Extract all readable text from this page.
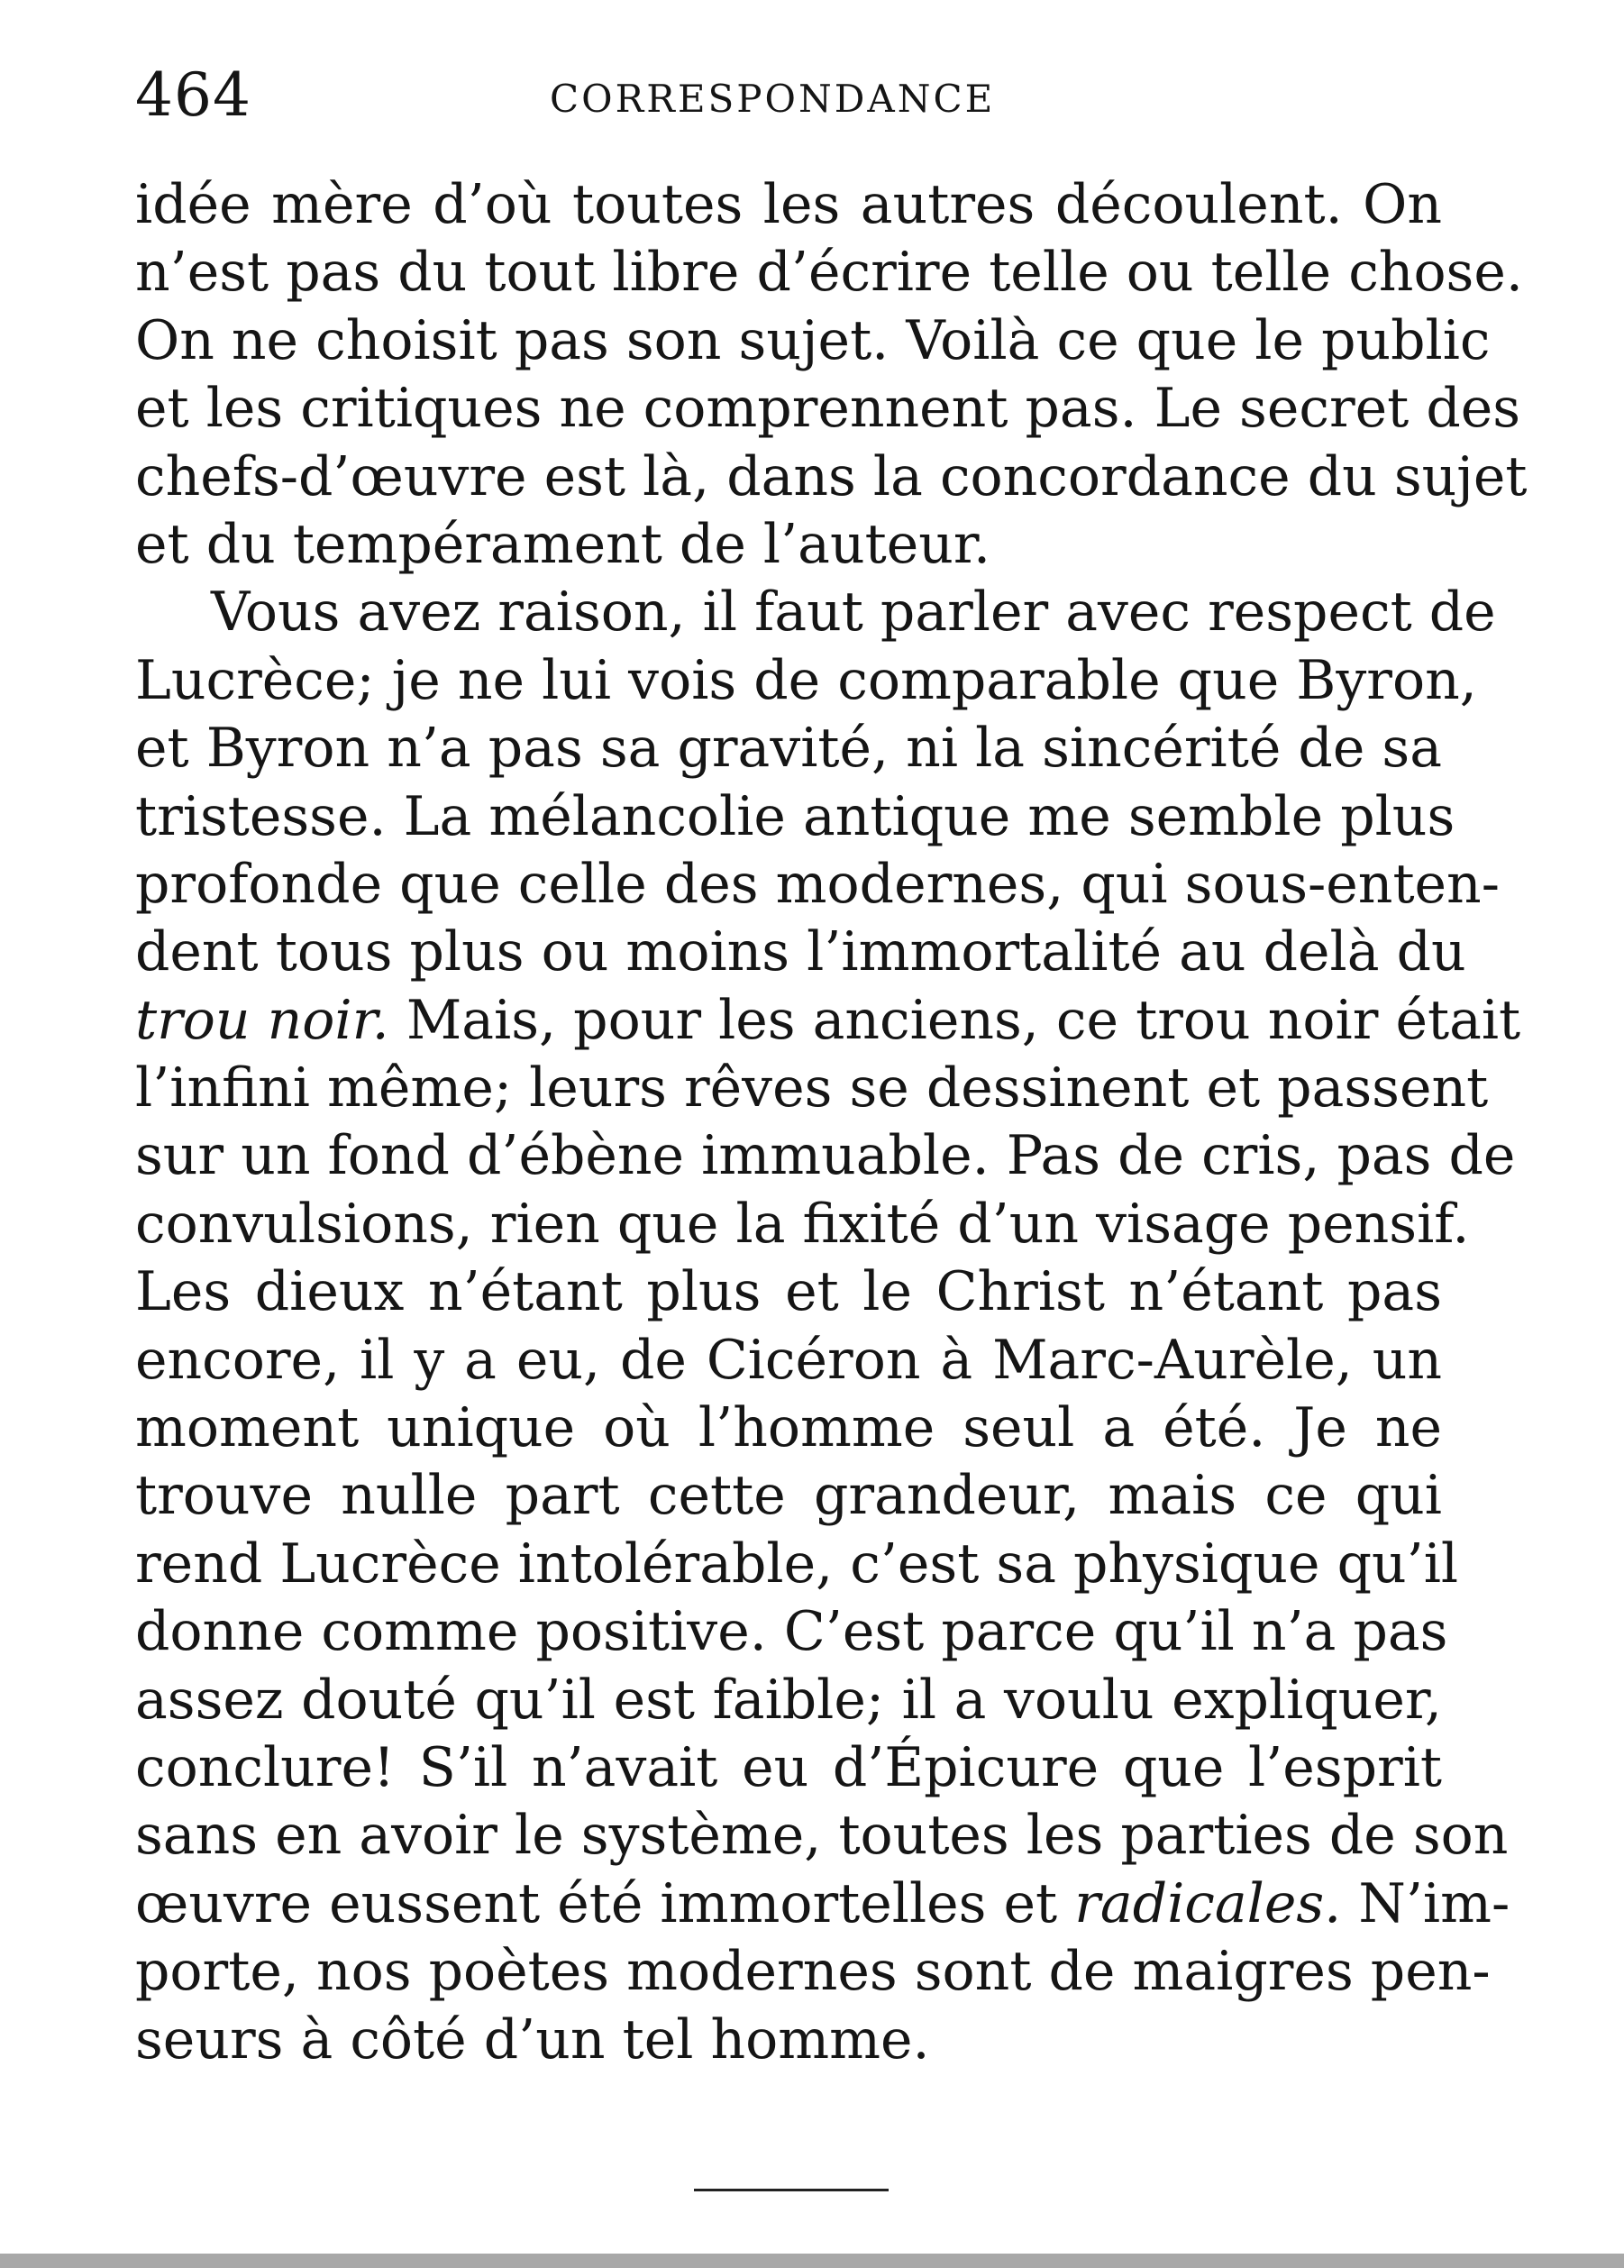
464	CORRESPONDANCE
idée mère d’où toutes les autres découlent. On
n’est pas du tout libre d’écrire telle ou telle chose.
On ne choisit pas son sujet. Voilà ce que le public
et les critiques ne comprennent pas. Le secret des
chefs-d’œuvre est là, dans la concordance du sujet
et du tempérament de l’auteur.
Vous avez raison, il faut parler avec respect de
Lucrèce; je ne lui vois de comparable que Byron,
et Byron n’a pas sa gravité, ni la sincérité de sa
tristesse. La mélancolie antique me semble plus
profonde que celle des modernes, qui sous-enten-
dent tous plus ou moins l’immortalité au delà du
trou noir. Mais, pour les anciens, ce trou noir était
l’infini même; leurs rêves se dessinent et passent
sur un fond d’ébène immuable. Pas de cris, pas de
convulsions, rien que la fixité d’un visage pensif.
Les dieux n’étant plus et le Christ n’étant pas
encore, il y a eu, de Cicéron à Marc-Aurèle, un
moment unique où l’homme seul a été. Je ne
trouve nulle part cette grandeur, mais ce qui
rend Lucrèce intolérable, c’est sa physique qu’il
donne comme positive. C’est parce qu’il n’a pas
assez douté qu’il est faible; il a voulu expliquer,
conclure! S’il n’avait eu d’Épicure que l’esprit
sans en avoir le système, toutes les parties de son
œuvre eussent été immortelles et radicales. N’im-
porte, nos poètes modernes sont de maigres pen-
seurs à côté d’un tel homme.
